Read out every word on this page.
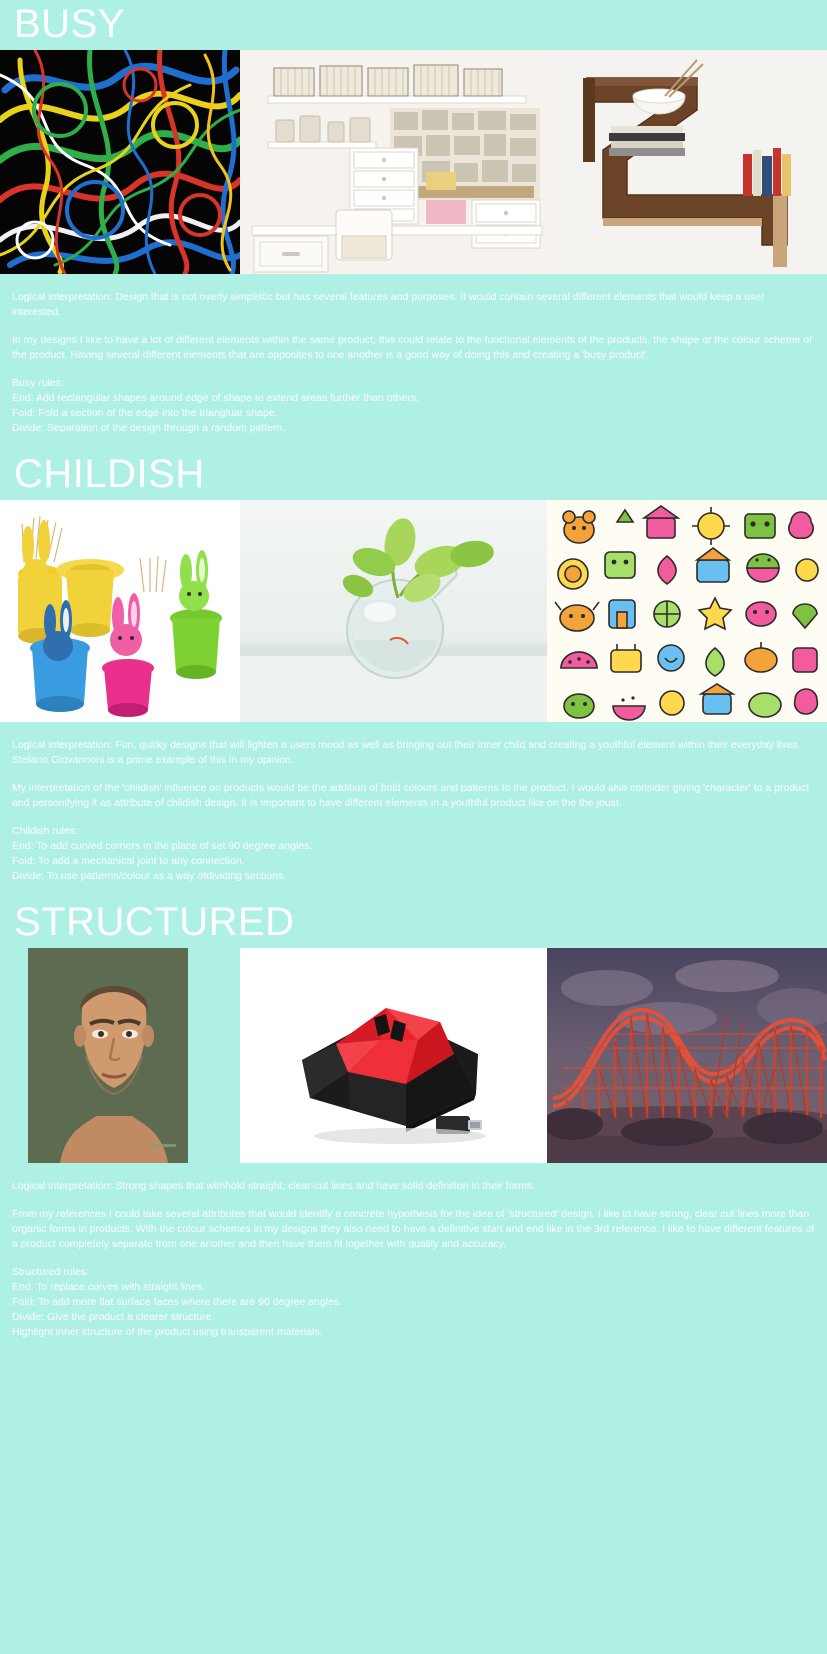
BUSY

Logical interpretation: Design that is not overly simplistic but has several features and purposes. It would contain several different elements that would keep a user interested.

In my designs I like to have a lot of different elements within the same product; this could relate to the functional elements of the products, the shape or the colour scheme of the product. Having several different elements that are opposites to one another is a good way of doing this and creating a 'busy product'.

Busy rules:
End: Add rectangular shapes around edge of shape to extend areas further than others.
Fold: Fold a section of the edge into the triangluar shape.
Divide: Separation of the design through a random pattern.

CHILDISH

Logical interpretation: Fun, quirky designs that will lighten a users mood as well as bringing out their inner child and creating a youthful element within their everyday lives. Stefano Giovannoni is a prime example of this in my opinion.

My interpretation of the 'childish' influence on products would be the addition of bold colours and patterns to the product. I would also consider giving 'character' to a product and personifying it as attribute of childish design. It is important to have different elements in a youthful product like on the the joust.

Childish rules:
End: To add curved corners in the place of set 90 degree angles.
Fold: To add a mechanical joint to any connection.
Divide: To use patterns/colour as a way ofdividing sections.

STRUCTURED

Logical interpretation: Strong shapes that withhold straight, clear-cut lines and have solid definition in their forms.

From my references I could take several attributes that would identify a concrete hypothesis for the idea of 'structured' design. I like to have strong, clear cut lines more than organic forms in products. With the colour schemes in my designs they also need to have a definitive start and end like in the 3rd reference. I like to have different features of a product completely separate from one another and then have them fit together with quality and accuracy.

Structured rules:
End: To replace curves with straight lines.
Fold: To add more flat surface faces where there are 90 degree angles.
Divide: Give the product a clearer structure.
Highlight inner structure of the product using transparent materials.
